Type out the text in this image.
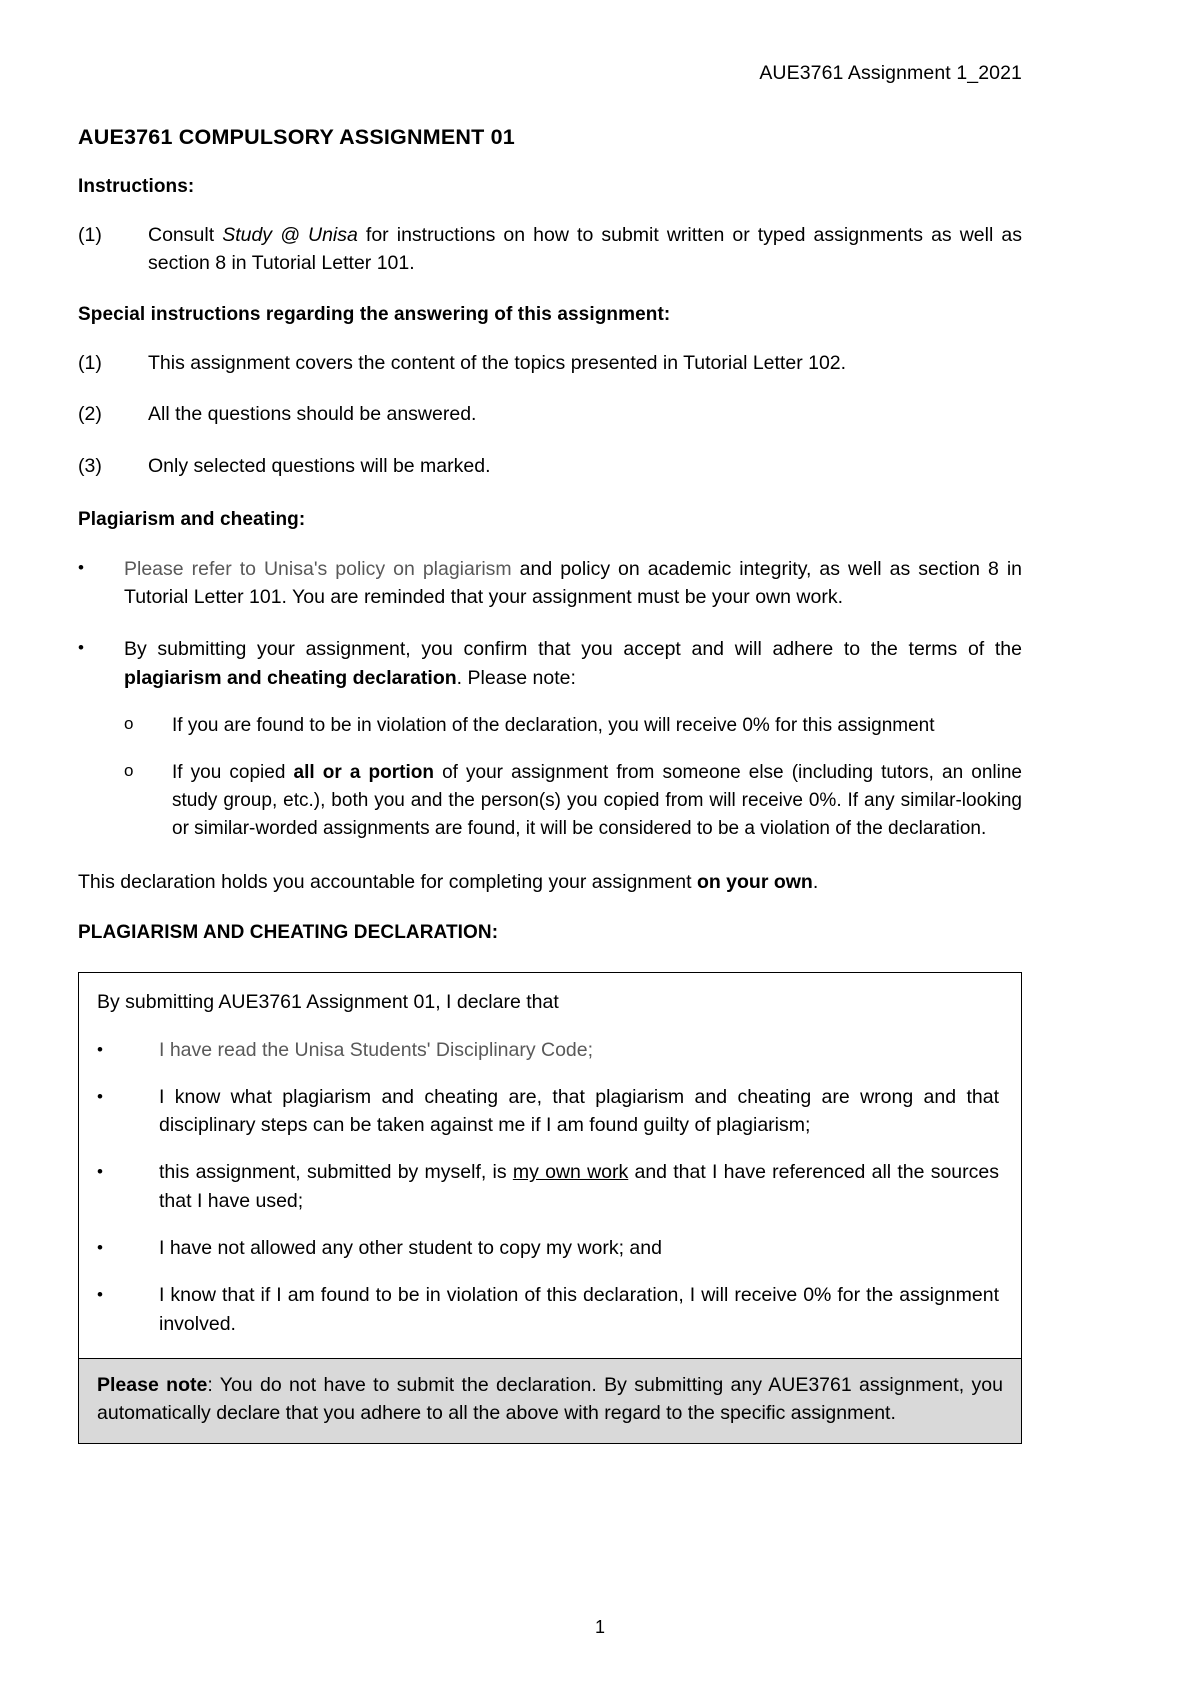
AUE3761 Assignment 1_2021
AUE3761 COMPULSORY ASSIGNMENT 01
Instructions:
(1)	Consult Study @ Unisa for instructions on how to submit written or typed assignments as well as section 8 in Tutorial Letter 101.
Special instructions regarding the answering of this assignment:
(1)	This assignment covers the content of the topics presented in Tutorial Letter 102.
(2)	All the questions should be answered.
(3)	Only selected questions will be marked.
Plagiarism and cheating:
•	Please refer to Unisa's policy on plagiarism and policy on academic integrity, as well as section 8 in Tutorial Letter 101. You are reminded that your assignment must be your own work.
•	By submitting your assignment, you confirm that you accept and will adhere to the terms of the plagiarism and cheating declaration. Please note:
o	If you are found to be in violation of the declaration, you will receive 0% for this assignment
o	If you copied all or a portion of your assignment from someone else (including tutors, an online study group, etc.), both you and the person(s) you copied from will receive 0%. If any similar-looking or similar-worded assignments are found, it will be considered to be a violation of the declaration.
This declaration holds you accountable for completing your assignment on your own.
PLAGIARISM AND CHEATING DECLARATION:
By submitting AUE3761 Assignment 01, I declare that
•	I have read the Unisa Students' Disciplinary Code;
•	I know what plagiarism and cheating are, that plagiarism and cheating are wrong and that disciplinary steps can be taken against me if I am found guilty of plagiarism;
•	this assignment, submitted by myself, is my own work and that I have referenced all the sources that I have used;
•	I have not allowed any other student to copy my work; and
•	I know that if I am found to be in violation of this declaration, I will receive 0% for the assignment involved.
Please note: You do not have to submit the declaration. By submitting any AUE3761 assignment, you automatically declare that you adhere to all the above with regard to the specific assignment.
1
